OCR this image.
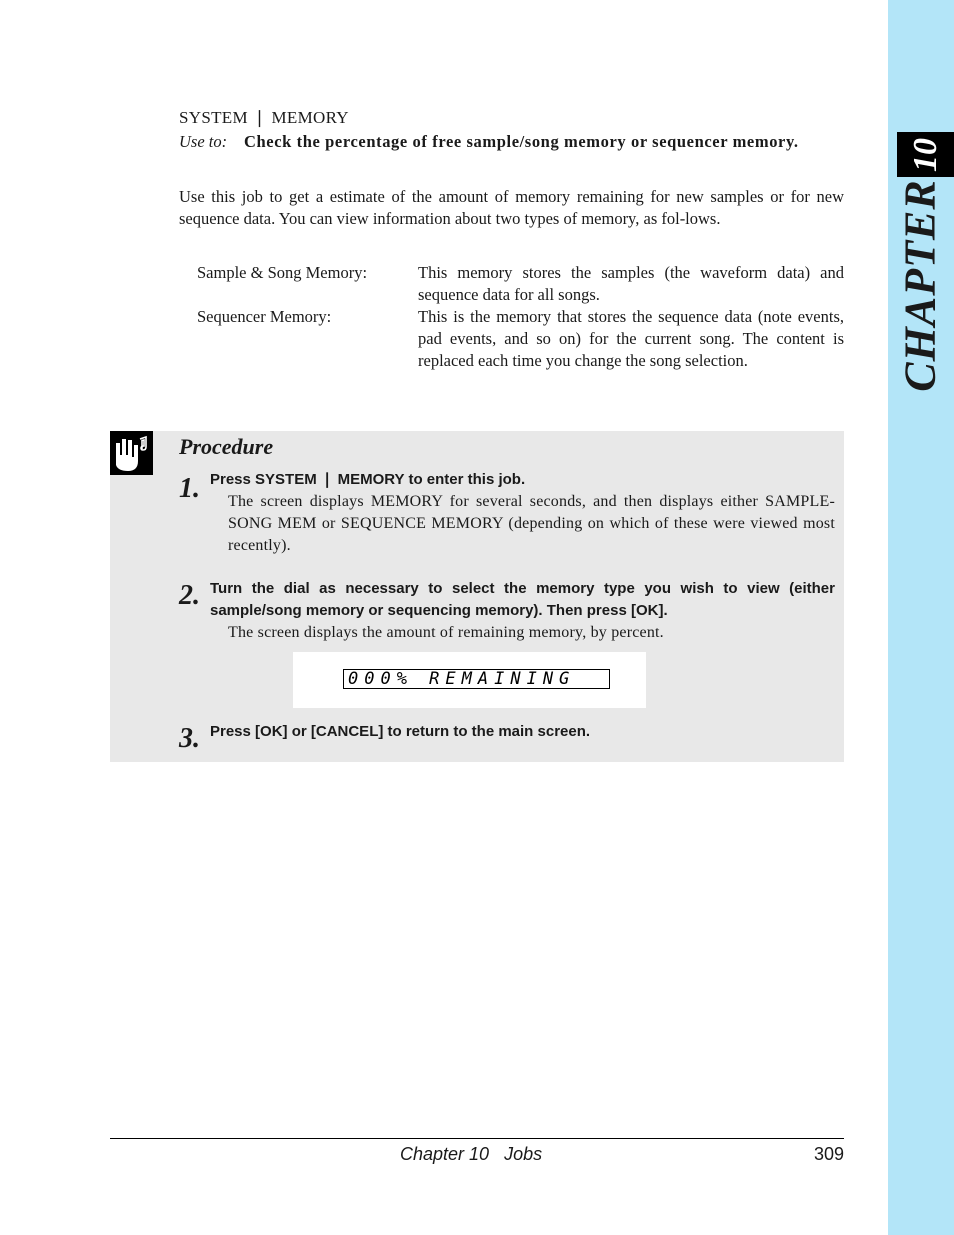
10
CHAPTER
SYSTEM ❘ MEMORY
Use to: Check the percentage of free sample/song memory or sequencer memory.
Use this job to get a estimate of the amount of memory remaining for new samples or for new sequence data. You can view information about two types of memory, as fol-lows.
Sample & Song Memory:	This memory stores the samples (the waveform data) and sequence data for all songs.
Sequencer Memory:	This is the memory that stores the sequence data (note events, pad events, and so on) for the current song. The content is replaced each time you change the song selection.
Procedure
1. Press SYSTEM ❘ MEMORY to enter this job.
The screen displays MEMORY for several seconds, and then displays either SAMPLE-SONG MEM or SEQUENCE MEMORY (depending on which of these were viewed most recently).
2. Turn the dial as necessary to select the memory type you wish to view (either sample/song memory or sequencing memory). Then press [OK].
The screen displays the amount of remaining memory, by percent.
000% REMAINING
3. Press [OK] or [CANCEL] to return to the main screen.
Chapter 10   Jobs	309
